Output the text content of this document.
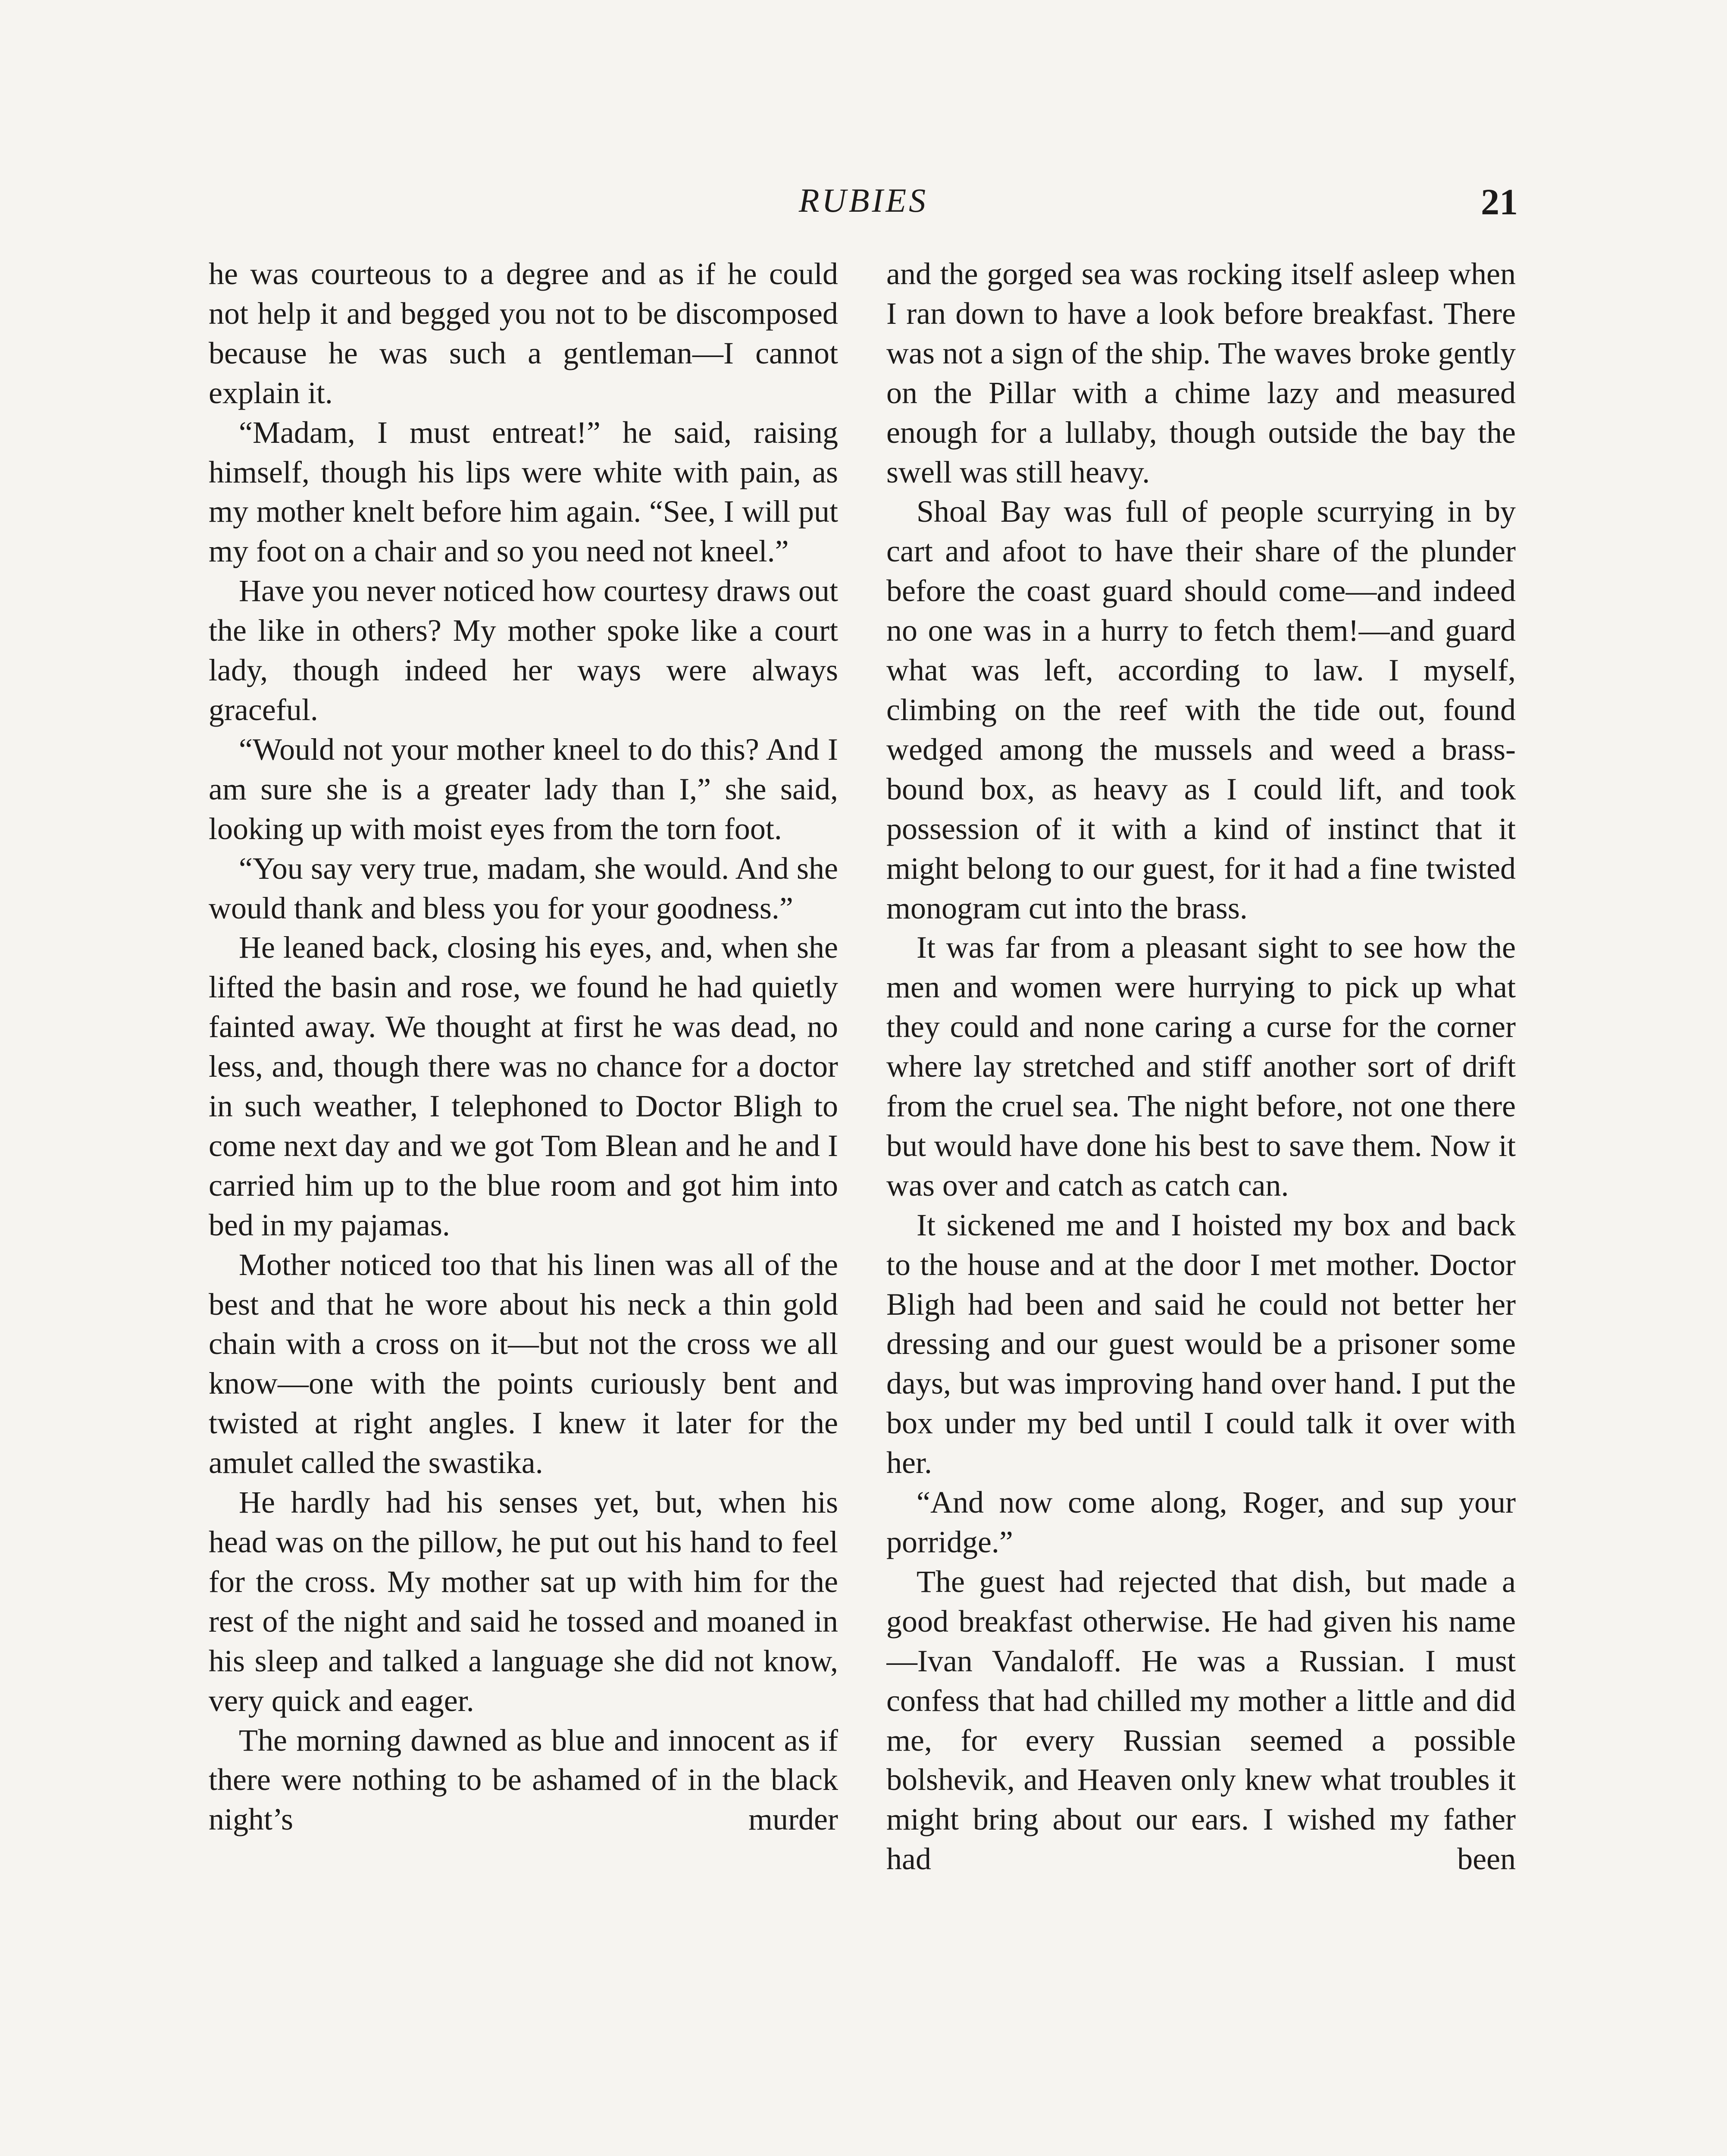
RUBIES	21

he was courteous to a degree and as if he could not help it and begged you not to be discomposed because he was such a gentleman—I cannot explain it.

“Madam, I must entreat!” he said, raising himself, though his lips were white with pain, as my mother knelt before him again. “See, I will put my foot on a chair and so you need not kneel.”

Have you never noticed how courtesy draws out the like in others? My mother spoke like a court lady, though indeed her ways were always graceful.

“Would not your mother kneel to do this? And I am sure she is a greater lady than I,” she said, looking up with moist eyes from the torn foot.

“You say very true, madam, she would. And she would thank and bless you for your goodness.”

He leaned back, closing his eyes, and, when she lifted the basin and rose, we found he had quietly fainted away. We thought at first he was dead, no less, and, though there was no chance for a doctor in such weather, I telephoned to Doctor Bligh to come next day and we got Tom Blean and he and I carried him up to the blue room and got him into bed in my pajamas.

Mother noticed too that his linen was all of the best and that he wore about his neck a thin gold chain with a cross on it—but not the cross we all know—one with the points curiously bent and twisted at right angles. I knew it later for the amulet called the swastika.

He hardly had his senses yet, but, when his head was on the pillow, he put out his hand to feel for the cross. My mother sat up with him for the rest of the night and said he tossed and moaned in his sleep and talked a language she did not know, very quick and eager.

The morning dawned as blue and innocent as if there were nothing to be ashamed of in the black night’s murder

and the gorged sea was rocking itself asleep when I ran down to have a look before breakfast. There was not a sign of the ship. The waves broke gently on the Pillar with a chime lazy and measured enough for a lullaby, though outside the bay the swell was still heavy.

Shoal Bay was full of people scurrying in by cart and afoot to have their share of the plunder before the coast guard should come—and indeed no one was in a hurry to fetch them!—and guard what was left, according to law. I myself, climbing on the reef with the tide out, found wedged among the mussels and weed a brass-bound box, as heavy as I could lift, and took possession of it with a kind of instinct that it might belong to our guest, for it had a fine twisted monogram cut into the brass.

It was far from a pleasant sight to see how the men and women were hurrying to pick up what they could and none caring a curse for the corner where lay stretched and stiff another sort of drift from the cruel sea. The night before, not one there but would have done his best to save them. Now it was over and catch as catch can.

It sickened me and I hoisted my box and back to the house and at the door I met mother. Doctor Bligh had been and said he could not better her dressing and our guest would be a prisoner some days, but was improving hand over hand. I put the box under my bed until I could talk it over with her.

“And now come along, Roger, and sup your porridge.”

The guest had rejected that dish, but made a good breakfast otherwise. He had given his name—Ivan Vandaloff. He was a Russian. I must confess that had chilled my mother a little and did me, for every Russian seemed a possible bolshevik, and Heaven only knew what troubles it might bring about our ears. I wished my father had been
